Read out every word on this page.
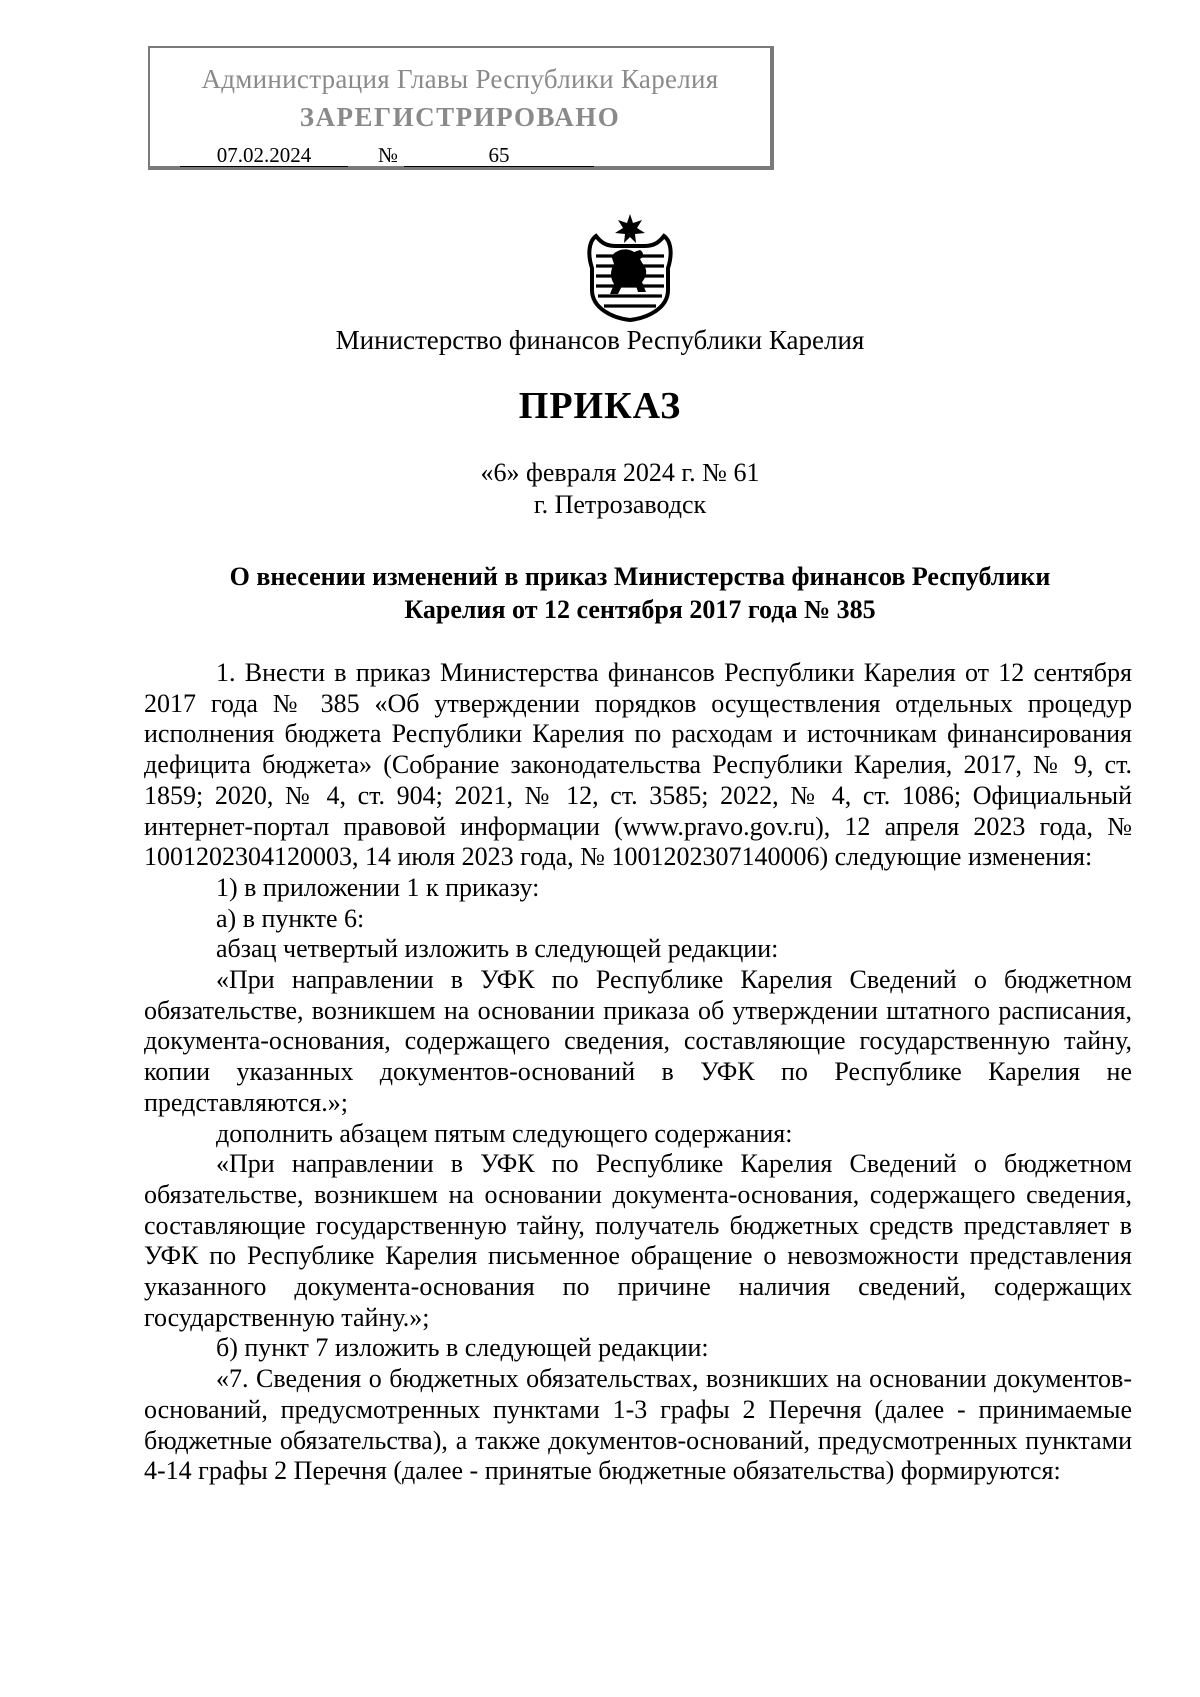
Администрация Главы Республики Карелия
ЗАРЕГИСТРИРОВАНО
07.02.2024	№	65
Министерство финансов Республики Карелия
ПРИКАЗ
«6» февраля 2024 г. № 61
г. Петрозаводск
О внесении изменений в приказ Министерства финансов Республики
Карелия от 12 сентября 2017 года № 385

1. Внести в приказ Министерства финансов Республики Карелия от 12 сентября 2017 года № 385 «Об утверждении порядков осуществления отдельных процедур исполнения бюджета Республики Карелия по расходам и источникам финансирования дефицита бюджета» (Собрание законодательства Республики Карелия, 2017, № 9, ст. 1859; 2020, № 4, ст. 904; 2021, № 12, ст. 3585; 2022, № 4, ст. 1086; Официальный интернет-портал правовой информации (www.pravo.gov.ru), 12 апреля 2023 года, № 1001202304120003, 14 июля 2023 года, № 1001202307140006) следующие изменения:

1) в приложении 1 к приказу:

а) в пункте 6:

абзац четвертый изложить в следующей редакции:

«При направлении в УФК по Республике Карелия Сведений о бюджетном обязательстве, возникшем на основании приказа об утверждении штатного расписания, документа-основания, содержащего сведения, составляющие государственную тайну, копии указанных документов-оснований в УФК по Республике Карелия не представляются.»;

дополнить абзацем пятым следующего содержания:

«При направлении в УФК по Республике Карелия Сведений о бюджетном обязательстве, возникшем на основании документа-основания, содержащего сведения, составляющие государственную тайну, получатель бюджетных средств представляет в УФК по Республике Карелия письменное обращение о невозможности представления указанного документа-основания по причине наличия сведений, содержащих государственную тайну.»;

б) пункт 7 изложить в следующей редакции:

«7. Сведения о бюджетных обязательствах, возникших на основании документов-оснований, предусмотренных пунктами 1-3 графы 2 Перечня (далее - принимаемые бюджетные обязательства), а также документов-оснований, предусмотренных пунктами 4-14 графы 2 Перечня (далее - принятые бюджетные обязательства) формируются:
